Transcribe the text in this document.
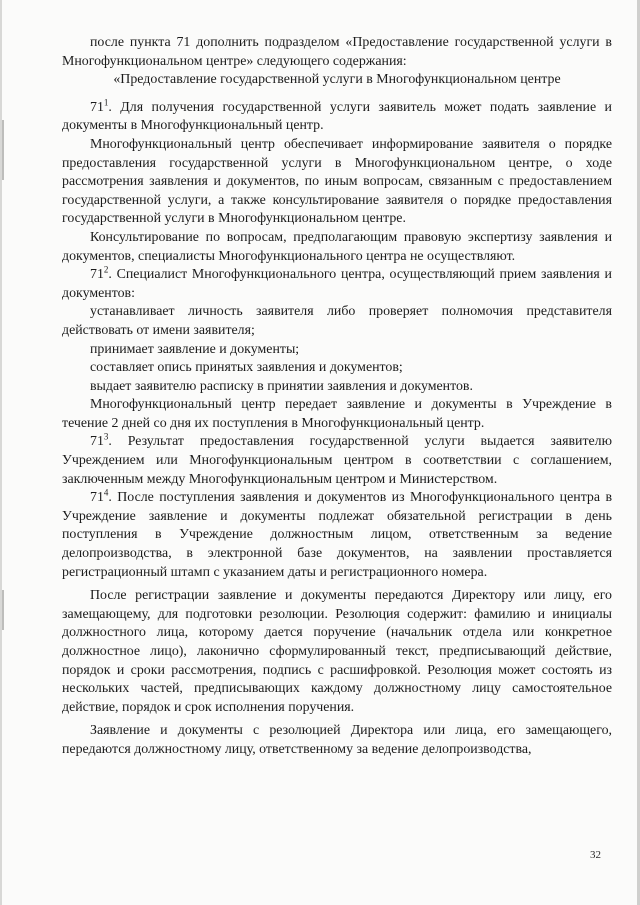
после пункта 71 дополнить подразделом «Предоставление государственной услуги в Многофункциональном центре» следующего содержания:

«Предоставление государственной услуги в Многофункциональном центре

$71^1$. Для получения государственной услуги заявитель может подать заявление и документы в Многофункциональный центр.

Многофункциональный центр обеспечивает информирование заявителя о порядке предоставления государственной услуги в Многофункциональном центре, о ходе рассмотрения заявления и документов, по иным вопросам, связанным с предоставлением государственной услуги, а также консультирование заявителя о порядке предоставления государственной услуги в Многофункциональном центре.

Консультирование по вопросам, предполагающим правовую экспертизу заявления и документов, специалисты Многофункционального центра не осуществляют.

$71^2$. Специалист Многофункционального центра, осуществляющий прием заявления и документов:

устанавливает личность заявителя либо проверяет полномочия представителя действовать от имени заявителя;

принимает заявление и документы;

составляет опись принятых заявления и документов;

выдает заявителю расписку в принятии заявления и документов.

Многофункциональный центр передает заявление и документы в Учреждение в течение 2 дней со дня их поступления в Многофункциональный центр.

$71^3$. Результат предоставления государственной услуги выдается заявителю Учреждением или Многофункциональным центром в соответствии с соглашением, заключенным между Многофункциональным центром и Министерством.

$71^4$. После поступления заявления и документов из Многофункционального центра в Учреждение заявление и документы подлежат обязательной регистрации в день поступления в Учреждение должностным лицом, ответственным за ведение делопроизводства, в электронной базе документов, на заявлении проставляется регистрационный штамп с указанием даты и регистрационного номера.

После регистрации заявление и документы передаются Директору или лицу, его замещающему, для подготовки резолюции. Резолюция содержит: фамилию и инициалы должностного лица, которому дается поручение (начальник отдела или конкретное должностное лицо), лаконично сформулированный текст, предписывающий действие, порядок и сроки рассмотрения, подпись с расшифровкой. Резолюция может состоять из нескольких частей, предписывающих каждому должностному лицу самостоятельное действие, порядок и срок исполнения поручения.

Заявление и документы с резолюцией Директора или лица, его замещающего, передаются должностному лицу, ответственному за ведение делопроизводства,

32
